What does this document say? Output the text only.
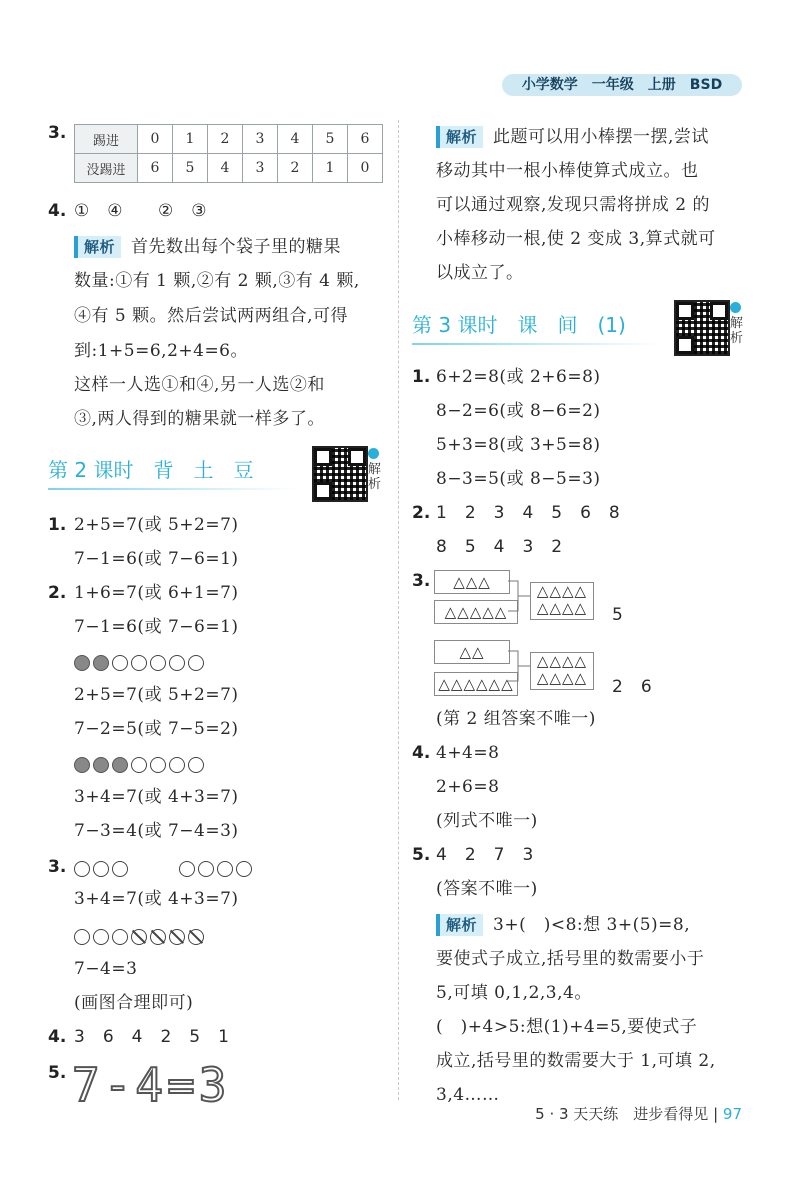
小学数学　一年级　上册　BSD
3. 踢进	0	1	2	3	4	5	6
没踢进	6	5	4	3	2	1	0
4. ①　④　　②　③
解析 首先数出每个袋子里的糖果
数量:①有 1 颗,②有 2 颗,③有 4 颗,
④有 5 颗。然后尝试两两组合,可得
到:1+5=6,2+4=6。
这样一人选①和④,另一人选②和
③,两人得到的糖果就一样多了。
第 2 课时　背　土　豆	解析
1. 2+5=7(或 5+2=7)
7−1=6(或 7−6=1)
2. 1+6=7(或 6+1=7)
7−1=6(或 7−6=1)
2+5=7(或 5+2=7)
7−2=5(或 7−5=2)
3+4=7(或 4+3=7)
7−3=4(或 7−4=3)
3.

3+4=7(或 4+3=7)
7−4=3
(画图合理即可)
4. 3　6　4　2　5　1
5. 7-4=3
解析 此题可以用小棒摆一摆,尝试
移动其中一根小棒使算式成立。也
可以通过观察,发现只需将拼成 2 的
小棒移动一根,使 2 变成 3,算式就可
以成立了。
第 3 课时　课　间　(1)	解析
1. 6+2=8(或 2+6=8)
8−2=6(或 8−6=2)
5+3=8(或 3+5=8)
8−3=5(或 8−5=3)
2. 1　2　3　4　5　6　8
8　5　4　3　2
3.	△△△
△△△△△
△△△△
△△△△	5
△△
△△△△△△
△△△△
△△△△	2　6
(第 2 组答案不唯一)
4. 4+4=8
2+6=8
(列式不唯一)
5. 4　2　7　3
(答案不唯一)
解析 3+(　)<8:想 3+(5)=8,
要使式子成立,括号里的数需要小于
5,可填 0,1,2,3,4。
(　)+4>5:想(1)+4=5,要使式子
成立,括号里的数需要大于 1,可填 2,
3,4……
5 · 3 天天练　进步看得见 | 97
